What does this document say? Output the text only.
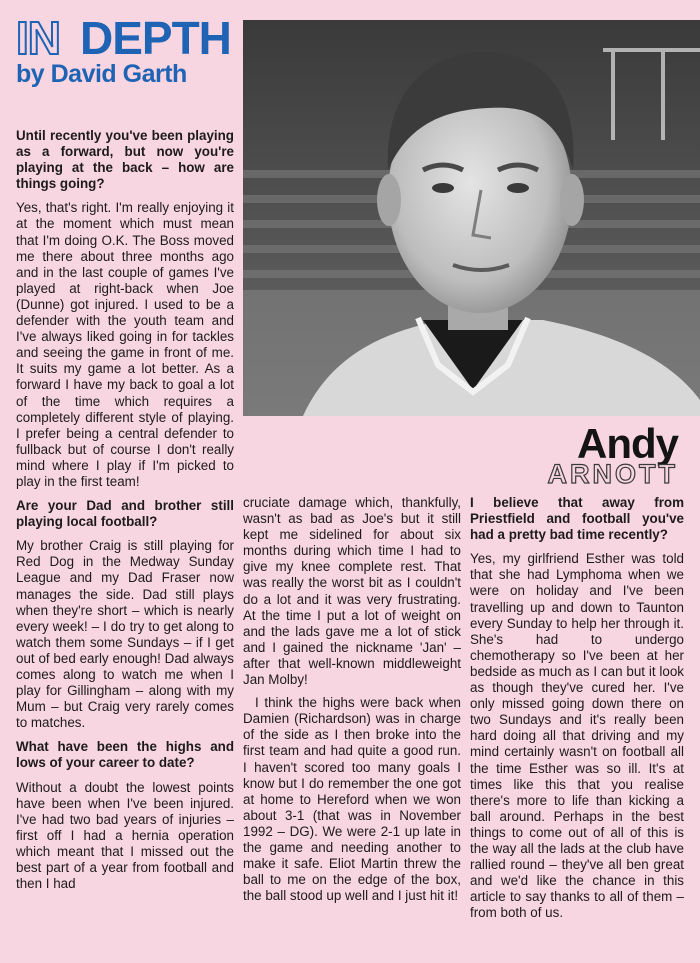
IN DEPTH
by David Garth
Andy
ARNOTT

Until recently you've been playing as a forward, but now you're playing at the back – how are things going?

Yes, that's right. I'm really enjoying it at the moment which must mean that I'm doing O.K. The Boss moved me there about three months ago and in the last couple of games I've played at right-back when Joe (Dunne) got injured. I used to be a defender with the youth team and I've always liked going in for tackles and seeing the game in front of me. It suits my game a lot better. As a forward I have my back to goal a lot of the time which requires a completely different style of playing. I prefer being a central defender to fullback but of course I don't really mind where I play if I'm picked to play in the first team!

Are your Dad and brother still playing local football?

My brother Craig is still playing for Red Dog in the Medway Sunday League and my Dad Fraser now manages the side. Dad still plays when they're short – which is nearly every week! – I do try to get along to watch them some Sundays – if I get out of bed early enough! Dad always comes along to watch me when I play for Gillingham – along with my Mum – but Craig very rarely comes to matches.

What have been the highs and lows of your career to date?

Without a doubt the lowest points have been when I've been injured. I've had two bad years of injuries – first off I had a hernia operation which meant that I missed out the best part of a year from football and then I had

cruciate damage which, thankfully, wasn't as bad as Joe's but it still kept me sidelined for about six months during which time I had to give my knee complete rest. That was really the worst bit as I couldn't do a lot and it was very frustrating. At the time I put a lot of weight on and the lads gave me a lot of stick and I gained the nickname 'Jan' – after that well-known middleweight Jan Molby!

I think the highs were back when Damien (Richardson) was in charge of the side as I then broke into the first team and had quite a good run. I haven't scored too many goals I know but I do remember the one got at home to Hereford when we won about 3-1 (that was in November 1992 – DG). We were 2-1 up late in the game and needing another to make it safe. Eliot Martin threw the ball to me on the edge of the box, the ball stood up well and I just hit it!

I believe that away from Priestfield and football you've had a pretty bad time recently?

Yes, my girlfriend Esther was told that she had Lymphoma when we were on holiday and I've been travelling up and down to Taunton every Sunday to help her through it. She's had to undergo chemotherapy so I've been at her bedside as much as I can but it look as though they've cured her. I've only missed going down there on two Sundays and it's really been hard doing all that driving and my mind certainly wasn't on football all the time Esther was so ill. It's at times like this that you realise there's more to life than kicking a ball around. Perhaps in the best things to come out of all of this is the way all the lads at the club have rallied round – they've all ben great and we'd like the chance in this article to say thanks to all of them – from both of us.
